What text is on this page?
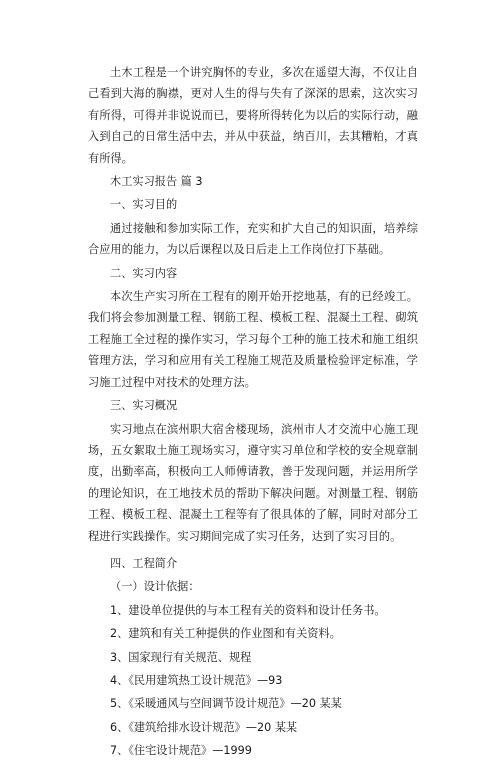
土木工程是一个讲究胸怀的专业，多次在遥望大海，不仅让自己看到大海的胸襟，更对人生的得与失有了深深的思索，这次实习有所得，可得并非说说而已，要将所得转化为以后的实际行动，融入到自己的日常生活中去，并从中获益，纳百川，去其糟粕，才真有所得。

木工实习报告 篇 3

一、实习目的

通过接触和参加实际工作，充实和扩大自己的知识面，培养综合应用的能力，为以后课程以及日后走上工作岗位打下基础。

二、实习内容

本次生产实习所在工程有的刚开始开挖地基，有的已经竣工。我们将会参加测量工程、钢筋工程、模板工程、混凝土工程、砌筑工程施工全过程的操作实习，学习每个工种的施工技术和施工组织管理方法，学习和应用有关工程施工规范及质量检验评定标准，学习施工过程中对技术的处理方法。

三、实习概况

实习地点在滨州职大宿舍楼现场，滨州市人才交流中心施工现场，五女絮取土施工现场实习，遵守实习单位和学校的安全规章制度，出勤率高，积极向工人师傅请教，善于发现问题，并运用所学的理论知识，在工地技术员的帮助下解决问题。对测量工程、钢筋工程、模板工程、混凝土工程等有了很具体的了解，同时对部分工程进行实践操作。实习期间完成了实习任务，达到了实习目的。

四、工程简介

（一）设计依据：

1、建设单位提供的与本工程有关的资料和设计任务书。

2、建筑和有关工种提供的作业图和有关资料。

3、国家现行有关规范、规程

4、《民用建筑热工设计规范》—93

5、《采暖通风与空间调节设计规范》—20 某某

6、《建筑给排水设计规范》—20 某某

7、《住宅设计规范》—1999
